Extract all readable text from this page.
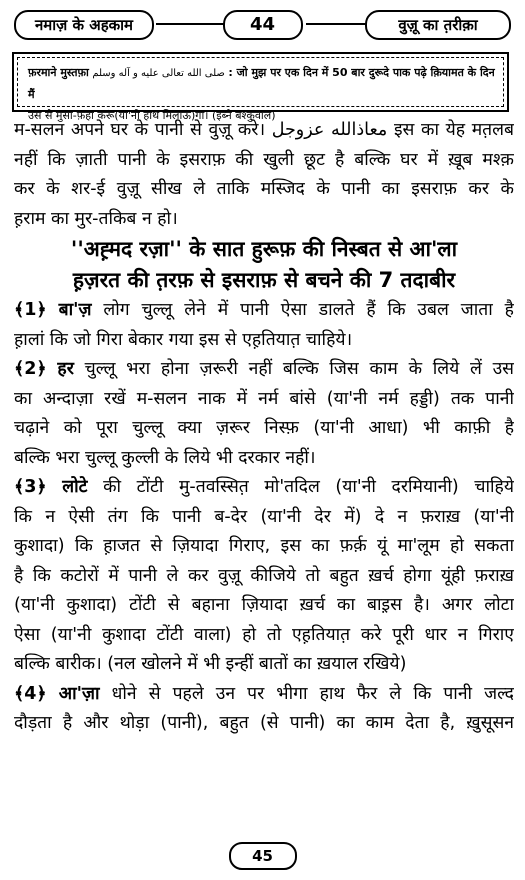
नमाज़ के अहकाम	44	वुज़ू का त़रीक़ा
फ़रमाने मुस्तफ़ा صلى الله تعالى عليه و آله وسلم : जो मुझ पर एक दिन में 50 बार दुरूदे पाक पढ़े क़ियामत के दिन मैं
उस से मुसा-फ़हा करूं(या'नी हाथ मिलाऊं)गा। (इब्ने बश्कुवाल)
म-सलन अपने घर के पानी से वुज़ू करे। معاذالله عزوجل इस का येह मत़लब
नहीं कि ज़ाती पानी के इसराफ़ की खुली छूट है बल्कि घर में ख़ूब मश्क़
कर के शर-ई वुज़ू सीख ले ताकि मस्जिद के पानी का इसराफ़ कर के
ह़राम का मुर-तकिब न हो।
''अह़्मद रज़ा'' के सात हुरूफ़ की निस्बत से आ'ला
ह़ज़रत की त़रफ़ से इसराफ़ से बचने की 7 तदाबीर
﴾1﴿ बा'ज़ लोग चुल्लू लेने में पानी ऐसा डालते हैं कि उबल जाता है
ह़ालां कि जो गिरा बेकार गया इस से एह़तियात़ चाहिये।
﴾2﴿ हर चुल्लू भरा होना ज़रूरी नहीं बल्कि जिस काम के लिये लें उस
का अन्दाज़ा रखें म-सलन नाक में नर्म बांसे (या'नी नर्म हड्डी) तक पानी
चढ़ाने को पूरा चुल्लू क्या ज़रूर निस्फ़ (या'नी आधा) भी काफ़ी है
बल्कि भरा चुल्लू कुल्ली के लिये भी दरकार नहीं।
﴾3﴿ लोटे की टोंटी मु-तवस्सित़ मो'तदिल (या'नी दरमियानी) चाहिये
कि न ऐसी तंग कि पानी ब-देर (या'नी देर में) दे न फ़राख़ (या'नी
कुशादा) कि ह़ाजत से ज़ियादा गिराए, इस का फ़र्क़ यूं मा'लूम हो सकता
है कि कटोरों में पानी ले कर वुज़ू कीजिये तो बहुत ख़र्च होगा यूंही फ़राख़
(या'नी कुशादा) टोंटी से बहाना ज़ियादा ख़र्च का बाइ़स है। अगर लोटा
ऐसा (या'नी कुशादा टोंटी वाला) हो तो एह़तियात़ करे पूरी धार न गिराए
बल्कि बारीक। (नल खोलने में भी इन्हीं बातों का ख़याल रखिये)
﴾4﴿ आ'ज़ा धोने से पहले उन पर भीगा हाथ फैर ले कि पानी जल्द
दौड़ता है और थोड़ा (पानी), बहुत (से पानी) का काम देता है, ख़ुसूसन
45
